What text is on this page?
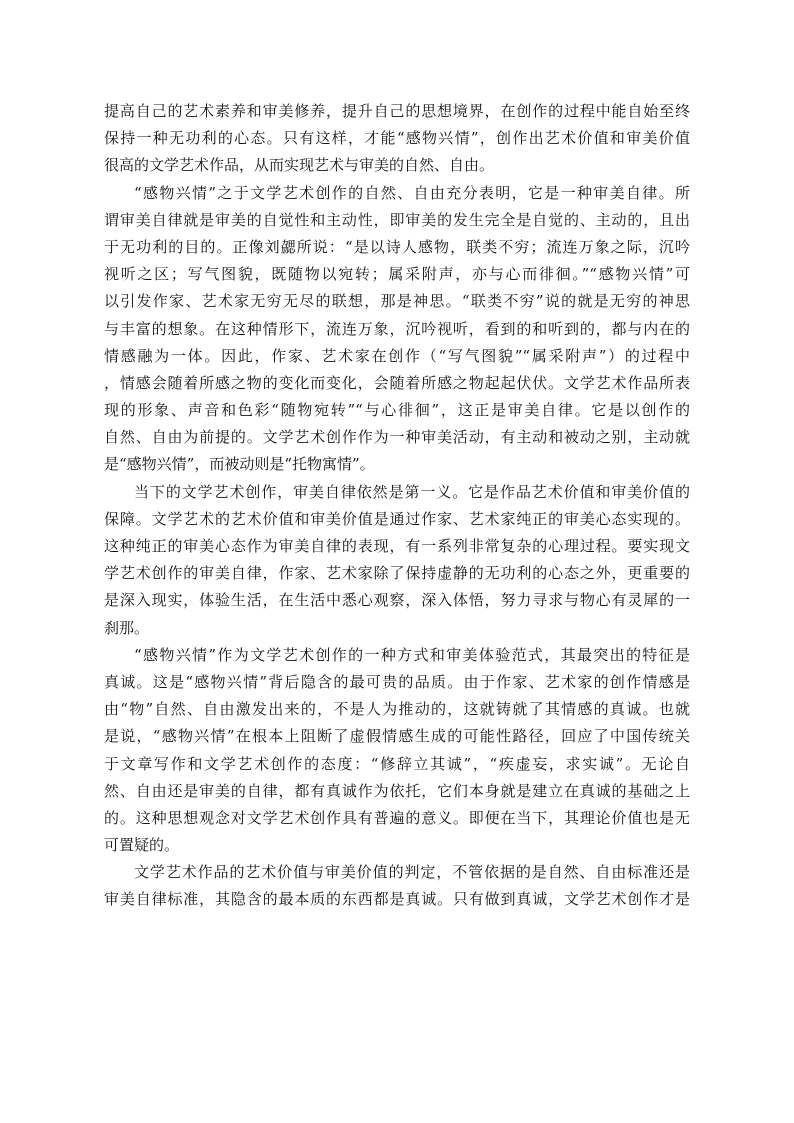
提高自己的艺术素养和审美修养，提升自己的思想境界，在创作的过程中能自始至终
保持一种无功利的心态。只有这样，才能“感物兴情”，创作出艺术价值和审美价值
很高的文学艺术作品，从而实现艺术与审美的自然、自由。
“感物兴情”之于文学艺术创作的自然、自由充分表明，它是一种审美自律。所
谓审美自律就是审美的自觉性和主动性，即审美的发生完全是自觉的、主动的，且出
于无功利的目的。正像刘勰所说：“是以诗人感物，联类不穷；流连万象之际，沉吟
视听之区；写气图貌，既随物以宛转；属采附声，亦与心而徘徊。”“感物兴情”可
以引发作家、艺术家无穷无尽的联想，那是神思。“联类不穷”说的就是无穷的神思
与丰富的想象。在这种情形下，流连万象，沉吟视听，看到的和听到的，都与内在的
情感融为一体。因此，作家、艺术家在创作（“写气图貌”“属采附声”）的过程中
，情感会随着所感之物的变化而变化，会随着所感之物起起伏伏。文学艺术作品所表
现的形象、声音和色彩“随物宛转”“与心徘徊”，这正是审美自律。它是以创作的
自然、自由为前提的。文学艺术创作作为一种审美活动，有主动和被动之别，主动就
是“感物兴情”，而被动则是“托物寓情”。
当下的文学艺术创作，审美自律依然是第一义。它是作品艺术价值和审美价值的
保障。文学艺术的艺术价值和审美价值是通过作家、艺术家纯正的审美心态实现的。
这种纯正的审美心态作为审美自律的表现，有一系列非常复杂的心理过程。要实现文
学艺术创作的审美自律，作家、艺术家除了保持虚静的无功利的心态之外，更重要的
是深入现实，体验生活，在生活中悉心观察，深入体悟，努力寻求与物心有灵犀的一
刹那。
“感物兴情”作为文学艺术创作的一种方式和审美体验范式，其最突出的特征是
真诚。这是“感物兴情”背后隐含的最可贵的品质。由于作家、艺术家的创作情感是
由“物”自然、自由激发出来的，不是人为推动的，这就铸就了其情感的真诚。也就
是说，“感物兴情”在根本上阻断了虚假情感生成的可能性路径，回应了中国传统关
于文章写作和文学艺术创作的态度：“修辞立其诚”，“疾虚妄，求实诚”。无论自
然、自由还是审美的自律，都有真诚作为依托，它们本身就是建立在真诚的基础之上
的。这种思想观念对文学艺术创作具有普遍的意义。即便在当下，其理论价值也是无
可置疑的。
文学艺术作品的艺术价值与审美价值的判定，不管依据的是自然、自由标准还是
审美自律标准，其隐含的最本质的东西都是真诚。只有做到真诚，文学艺术创作才是
